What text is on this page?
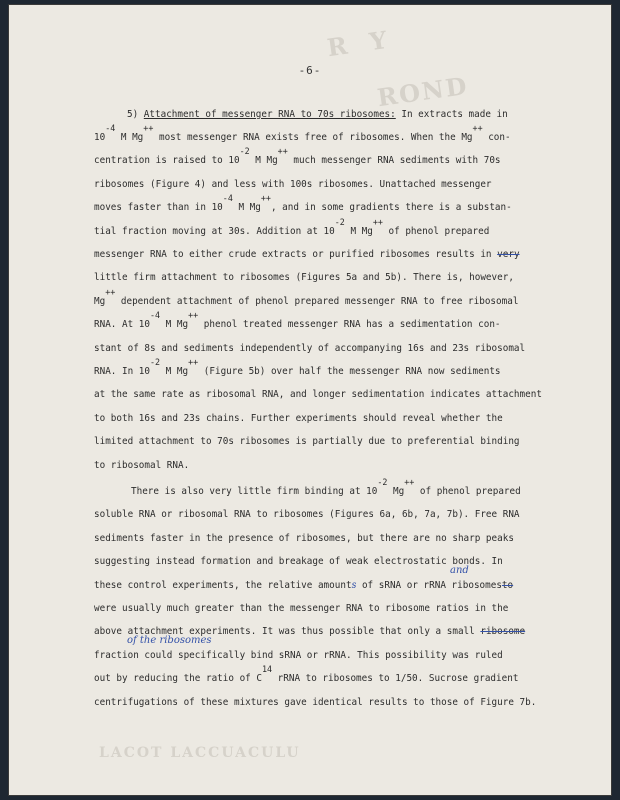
R  Y
ROND
LACOT LACCUACULU
-6-
5) Attachment of messenger RNA to 70s ribosomes: In extracts made in
10-4 M Mg++ most messenger RNA exists free of ribosomes. When the Mg++ con-
centration is raised to 10-2 M Mg++ much messenger RNA sediments with 70s
ribosomes (Figure 4) and less with 100s ribosomes. Unattached messenger
moves faster than in 10-4 M Mg++, and in some gradients there is a substan-
tial fraction moving at 30s. Addition at 10-2 M Mg++ of phenol prepared
messenger RNA to either crude extracts or purified ribosomes results in very
little firm attachment to ribosomes (Figures 5a and 5b). There is, however,
Mg++ dependent attachment of phenol prepared messenger RNA to free ribosomal
RNA. At 10-4 M Mg++ phenol treated messenger RNA has a sedimentation con-
stant of 8s and sediments independently of accompanying 16s and 23s ribosomal
RNA. In 10-2 M Mg++ (Figure 5b) over half the messenger RNA now sediments
at the same rate as ribosomal RNA, and longer sedimentation indicates attachment
to both 16s and 23s chains. Further experiments should reveal whether the
limited attachment to 70s ribosomes is partially due to preferential binding
to ribosomal RNA.
There is also very little firm binding at 10-2 Mg++ of phenol prepared
soluble RNA or ribosomal RNA to ribosomes (Figures 6a, 6b, 7a, 7b). Free RNA
sediments faster in the presence of ribosomes, but there are no sharp peaks
suggesting instead formation and breakage of weak electrostatic bonds. In
these control experiments, the relative amounts of sRNA or rRNA ribosomesto
were usually much greater than the messenger RNA to ribosome ratios in the
above attachment experiments. It was thus possible that only a small ribosome
fraction could specifically bind sRNA or rRNA. This possibility was ruled
out by reducing the ratio of C14 rRNA to ribosomes to 1/50. Sucrose gradient
centrifugations of these mixtures gave identical results to those of Figure 7b.
and
of the ribosomes
